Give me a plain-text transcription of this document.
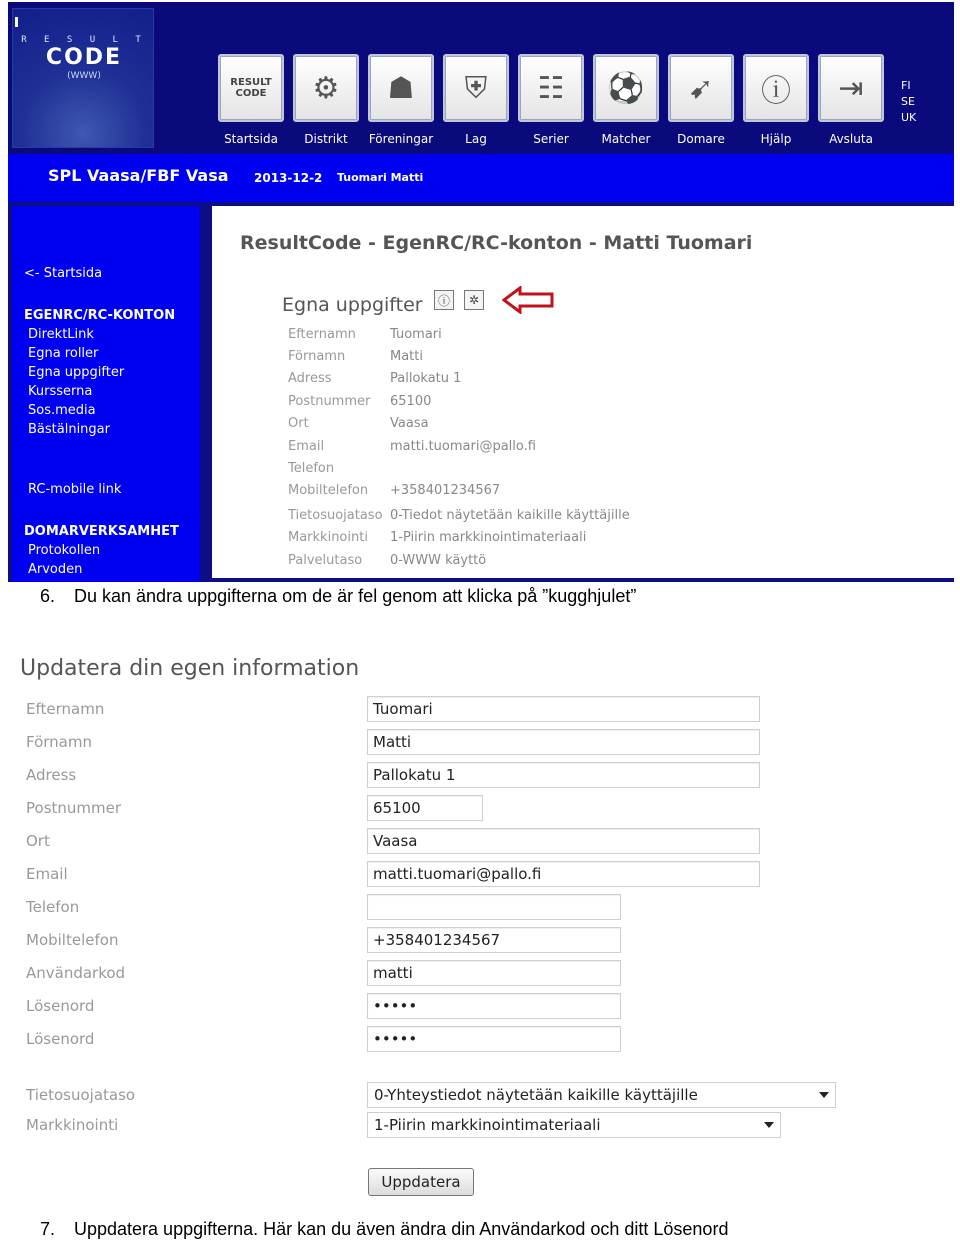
R E S U L T
CODE
(WWW)
RESULT CODE
Startsida
⚙
Distrikt
☗
Föreningar
⛨
Lag
☷
Serier
⚽
Matcher
➹
Domare
ⓘ
Hjälp
⇥
Avsluta
FI
SE
UK
SPL Vaasa/FBF Vasa 2013-12-2 Tuomari Matti
<- Startsida
EGENRC/RC-KONTON
DirektLink
Egna roller
Egna uppgifter
Kursserna
Sos.media
Bästälningar
RC-mobile link
DOMARVERKSAMHET
Protokollen
Arvoden
ResultCode - EgenRC/RC-konton - Matti Tuomari
Egna uppgifter	ⓘ	✲
Efternamn	Tuomari
Förnamn	Matti
Adress	Pallokatu 1
Postnummer 65100
Ort	Vaasa
Email	matti.tuomari@pallo.fi
Telefon
Mobiltelefon +358401234567
Tietosuojataso 0-Tiedot näytetään kaikille käyttäjille
Markkinointi 1-Piirin markkinointimateriaali
Palvelutaso 0-WWW käyttö
6. Du kan ändra uppgifterna om de är fel genom att klicka på ”kugghjulet”
Updatera din egen information
Efternamn	Tuomari
Förnamn	Matti
Adress	Pallokatu 1
Postnummer	65100
Ort	Vaasa
Email	matti.tuomari@pallo.fi
Telefon
Mobiltelefon	+358401234567
Användarkod	matti
Lösenord	•••••
Lösenord	•••••
Tietosuojataso	0-Yhteystiedot näytetään kaikille käyttäjille
Markkinointi	1-Piirin markkinointimateriaali
Uppdatera
7. Uppdatera uppgifterna. Här kan du även ändra din Användarkod och ditt Lösenord
